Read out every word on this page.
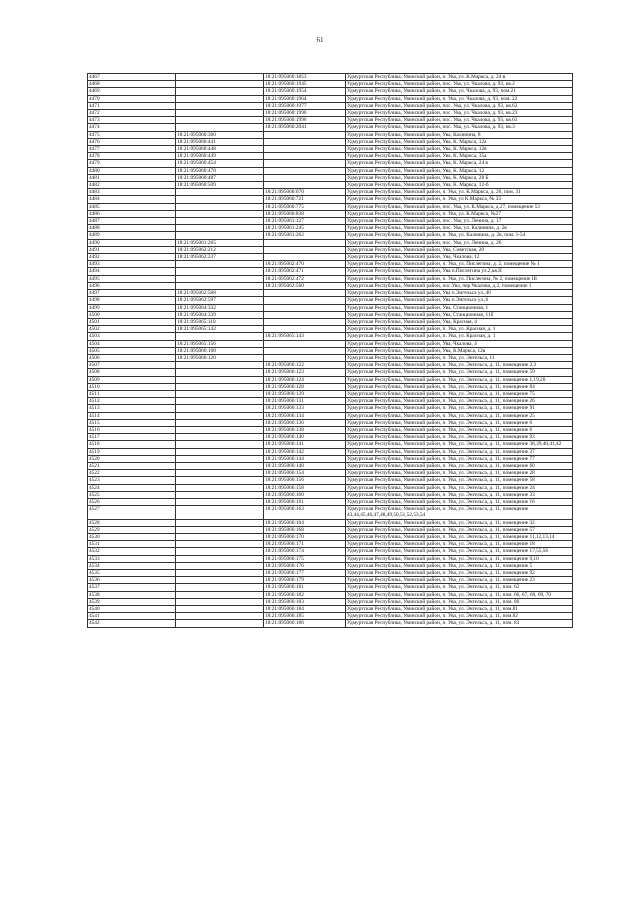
61
4467		18:21:095060:1853	Удмуртская Республика, Увинский район, п. Ува, ул. К.Маркса, д. 24 в
4468		18:21:095060:1945	Удмуртская Республика, Увинский район, пос. Ува, ул. Чкалова, д. 93, кв.2
4469		18:21:095060:1954	Удмуртская Республика, Увинский район, п. Ува, ул. Чкалова, д. 93, пом.21
4470		18:21:095060:1964	Удмуртская Республика, Увинский район, п. Ува, ул. Чкалова, д. 93, пом. 22
4471		18:21:095060:1977	Удмуртская Республика, Увинский район, пос. Ува, ул. Чкалова, д. 93, кв.62
4472		18:21:095060:1990	Удмуртская Республика, Увинский район, пос. Ува, ул. Чкалова, д. 93, кв.23
4473		18:21:095060:1996	Удмуртская Республика, Увинский район, пос. Ува, ул. Чкалова, д. 93, кв.63
4474		18:21:095060:2041	Удмуртская Республика, Увинский район, пос. Ува, ул. Чкалова, д. 93, кв.3
4475	18:21:095060:360		Удмуртская Республика, Увинский район, Ува, Калинина, 8
4476	18:21:095060:441		Удмуртская Республика, Увинский район, Ува, К. Маркса, 12а
4477	18:21:095060:448		Удмуртская Республика, Увинский район, Ува, К. Маркса, 12в
4478	18:21:095060:449		Удмуртская Республика, Увинский район, Ува, К. Маркса, 35а
4479	18:21:095060:454		Удмуртская Республика, Увинский район, Ува, К. Маркса, 24 в
4480	18:21:095060:478		Удмуртская Республика, Увинский район, Ува, К. Маркса, 12
4481	18:21:095060:487		Удмуртская Республика, Увинский район, Ува, К. Маркса, 28 Б
4482	18:21:095060:509		Удмуртская Республика, Увинский район, Ува, К. Маркса, 12-б
4483		18:21:095060:670	Удмуртская Республика, Увинский район, п. Ува, ул. К.Маркса, д. 26, пом. 31
4484		18:21:095060:721	Удмуртская Республика, Увинский район, п. Ува, ул К.Маркса, № 33
4485		18:21:095060:775	Удмуртская Республика, Увинский район, пос. Ува, ул. К.Маркса, д.27, помещение 53
4486		18:21:095060:838	Удмуртская Республика, Увинский район, п. Ува, ул. К.Маркса, №27
4487		18:21:095061:127	Удмуртская Республика, Увинский район, пос. Ува, ул. Ленина, д. 17
4488		18:21:095061:245	Удмуртская Республика, Увинский район, пос. Ува, ул. Калинина, д. 2в
4489		18:21:095061:262	Удмуртская Республика, Увинский район, п. Ува, ул. Калинина, д. 2в, пом. 1-54
4490	18:21:095061:265		Удмуртская Республика, Увинский район, пос. Ува, ул. Ленина, д. 26
4491	18:21:095062:212		Удмуртская Республика, Увинский район, Ува, Советская, 20
4492	18:21:095062:237		Удмуртская Республика, Увинский район, Ува, Чкалова, 12
4493		18:21:095062:470	Удмуртская Республика, Увинский район, п. Ува, ул. Пислегина, д. 2, помещение № 1
4494		18:21:095062:471	Удмуртская Республика, Увинский район, Ува п.Пислегина ул.2,кв.II
4495		18:21:095062:472	Удмуртская Республика, Увинский район, п. Ува, ул. Пислегина, № 2, помещение III
4496		18:21:095062:560	Удмуртская Республика, Увинский район, пос.Ува, пер.Чкалова, д.2, помещение 1
4497	18:21:095062:568		Удмуртская Республика, Увинский район, Ува п.Энгельса ул.,46
4498	18:21:095062:597		Удмуртская Республика, Увинский район, Ува п.Энгельса ул.,6
4499	18:21:095064:332		Удмуртская Республика, Увинский район, Ува, Станционная, 1
4500	18:21:095064:339		Удмуртская Республика, Увинский район, Ува, Станционная, 11б
4501	18:21:095065:110		Удмуртская Республика, Увинский район, Ува, Красная, 4
4502	18:21:095065:142		Удмуртская Республика, Увинский район, п. Ува, ул. Красная, д. 1
4503		18:21:095065:143	Удмуртская Республика, Увинский район, п. Ува, ул. Красная, д. 1
4504	18:21:095065:156		Удмуртская Республика, Увинский район, Ува, Чкалова, 4
4505	18:21:095066:108		Удмуртская Республика, Увинский район, Ува, К.Маркса, 12в
4506	18:21:095066:120		Удмуртская Республика, Увинский район, п. Ува, ул. Энгельса, 11
4507		18:21:095066:122	Удмуртская Республика, Увинский район, п. Ува, ул. Энгельса, д. 11, помещение 2,3
4508		18:21:095066:123	Удмуртская Республика, Увинский район, п. Ува, ул. Энгельса, д. 11, помещение 59
4509		18:21:095066:124	Удмуртская Республика, Увинский район, п. Ува, ул. Энгельса, д. 11, помещение 1,19,20
4510		18:21:095066:128	Удмуртская Республика, Увинский район, п. Ува, ул. Энгельса, д. 11, помещение 84
4511		18:21:095066:129	Удмуртская Республика, Увинский район, п. Ува, ул. Энгельса, д. 11, помещение 75
4512		18:21:095066:131	Удмуртская Республика, Увинский район, п. Ува, ул. Энгельса, д. 11, помещение 26
4513		18:21:095066:133	Удмуртская Республика, Увинский район, п. Ува, ул. Энгельса, д. 11, помещение 91
4514		18:21:095066:134	Удмуртская Республика, Увинский район, п. Ува, ул. Энгельса, д. 11, помещение 25
4515		18:21:095066:136	Удмуртская Республика, Увинский район, п. Ува, ул. Энгельса, д. 11, помещение 6
4516		18:21:095066:138	Удмуртская Республика, Увинский район, п. Ува, ул. Энгельса, д. 11, помещение 6
4517		18:21:095066:140	Удмуртская Республика, Увинский район, п. Ува, ул. Энгельса, д. 11, помещение 93
4518		18:21:095066:141	Удмуртская Республика, Увинский район, п. Ува, ул. Энгельса, д. 11, помещение 38,39,40,41,42
4519		18:21:095066:142	Удмуртская Республика, Увинский район, п. Ува, ул. Энгельса, д. 11, помещение 27
4520		18:21:095066:144	Удмуртская Республика, Увинский район, п. Ува, ул. Энгельса, д. 11, помещение 77
4521		18:21:095066:148	Удмуртская Республика, Увинский район, п. Ува, ул. Энгельса, д. 11, помещение 60
4522		18:21:095066:154	Удмуртская Республика, Увинский район, п. Ува, ул. Энгельса, д. 11, помещение 28
4523		18:21:095066:156	Удмуртская Республика, Увинский район, п. Ува, ул. Энгельса, д. 11, помещение 58
4524		18:21:095066:158	Удмуртская Республика, Увинский район, п. Ува, ул. Энгельса, д. 11, помещение 24
4525		18:21:095066:160	Удмуртская Республика, Увинский район, п. Ува, ул. Энгельса, д. 11, помещение 33
4526		18:21:095066:161	Удмуртская Республика, Увинский район, п. Ува, ул. Энгельса, д. 11, помещение 16
4527		18:21:095066:163	Удмуртская Республика, Увинский район, п. Ува, ул. Энгельса, д. 11, помещение 43,44,45,46,47,48,49,50,51,52,53,54
4528		18:21:095066:164	Удмуртская Республика, Увинский район, п. Ува, ул. Энгельса, д. 11, помещение 32
4529		18:21:095066:168	Удмуртская Республика, Увинский район, п. Ува, ул. Энгельса, д. 11, помещение 57
4530		18:21:095066:170	Удмуртская Республика, Увинский район, п. Ува, ул. Энгельса, д. 11, помещение 11,12,13,14
4531		18:21:095066:171	Удмуртская Республика, Увинский район, п. Ува, ул. Энгельса, д. 11, помещение 18
4532		18:21:095066:174	Удмуртская Республика, Увинский район, п. Ува, ул. Энгельса, д. 11, помещение 17,55,56
4533		18:21:095066:175	Удмуртская Республика, Увинский район, п. Ува, ул. Энгельса, д. 11, помещение 9,10
4534		18:21:095066:176	Удмуртская Республика, Увинский район, п. Ува, ул. Энгельса, д. 11, помещение 5
4535		18:21:095066:177	Удмуртская Республика, Увинский район, п. Ува, ул. Энгельса, д. 11, помещение 92
4536		18:21:095066:179	Удмуртская Республика, Увинский район, п. Ува, ул. Энгельса, д. 11, помещение 23
4537		18:21:095066:181	Удмуртская Республика, Увинский район, п. Ува, ул. Энгельса, д. 11, пом. 62
4538		18:21:095066:182	Удмуртская Республика, Увинский район, п. Ува, ул. Энгельса, д. 11, пом. 66, 67, 68, 69, 70
4539		18:21:095066:183	Удмуртская Республика, Увинский район, п. Ува, ул. Энгельса, д. 11, пом. 80
4540		18:21:095066:184	Удмуртская Республика, Увинский район, п. Ува, ул. Энгельса, д. 11, пом.81
4541		18:21:095066:185	Удмуртская Республика, Увинский район, п. Ува, ул. Энгельса, д. 11, пом.82
4542		18:21:095066:186	Удмуртская Республика, Увинский район, п. Ува, ул. Энгельса, д. 11, пом. 83
